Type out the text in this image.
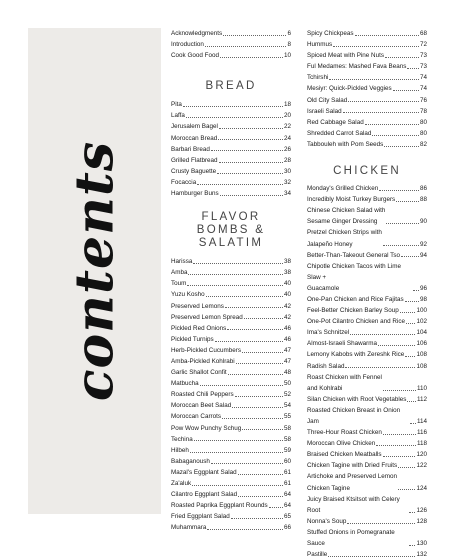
contents
Acknowledgments	6
Introduction	8
Cook Good Food	10
BREAD
Pita	18
Laffa	20
Jerusalem Bagel	22
Moroccan Bread	24
Barbari Bread	26
Grilled Flatbread	28
Crusty Baguette	30
Focaccia	32
Hamburger Buns	34
FLAVOR BOMBS & SALATIM
Harissa	38
Amba	38
Toum	40
Yuzu Kosho	40
Preserved Lemons	42
Preserved Lemon Spread	42
Pickled Red Onions	46
Pickled Turnips	46
Herb-Pickled Cucumbers	47
Amba-Pickled Kohlrabi	47
Garlic Shallot Confit	48
Matbucha	50
Roasted Chili Peppers	52
Moroccan Beet Salad	54
Moroccan Carrots	55
Pow Wow Punchy Schug	58
Techina	58
Hilbeh	59
Babaganoush	60
Mazal's Eggplant Salad	61
Za'aluk	61
Cilantro Eggplant Salad	64
Roasted Paprika Eggplant Rounds	64
Fried Eggplant Salad	65
Muhammara	66
Spicy Chickpeas	68
Hummus	72
Spiced Meat with Pine Nuts	73
Ful Medames: Mashed Fava Beans 73
Tchirshi	74
Mesiyr: Quick-Pickled Veggies	74
Old City Salad	76
Israeli Salad	78
Red Cabbage Salad	80
Shredded Carrot Salad	80
Tabbouleh with Pom Seeds	82
CHICKEN
Monday's Grilled Chicken	86
Incredibly Moist Turkey Burgers	88
Chinese Chicken Salad with
Sesame Ginger Dressing	90
Pretzel Chicken Strips with
Jalapeño Honey	92
Better-Than-Takeout General Tso	94
Chipotle Chicken Tacos with Lime Slaw +
Guacamole	96
One-Pan Chicken and Rice Fajitas	98
Feel-Better Chicken Barley Soup	100
One-Pot Cilantro Chicken and Rice 102
Ima's Schnitzel	104
Almost-Israeli Shawarma	106
Lemony Kabobs with Zereshk Rice 108
Radish Salad	108
Roast Chicken with Fennel
and Kohlrabi	110
Silan Chicken with Root Vegetables 112
Roasted Chicken Breast in Onion Jam	114
Three-Hour Roast Chicken	116
Moroccan Olive Chicken	118
Braised Chicken Meatballs	120
Chicken Tagine with Dried Fruits	122
Artichoke and Preserved Lemon
Chicken Tagine	124
Juicy Braised Ktsitsot with Celery Root	126
Nonna's Soup	128
Stuffed Onions in Pomegranate Sauce	130
Pastille	132
